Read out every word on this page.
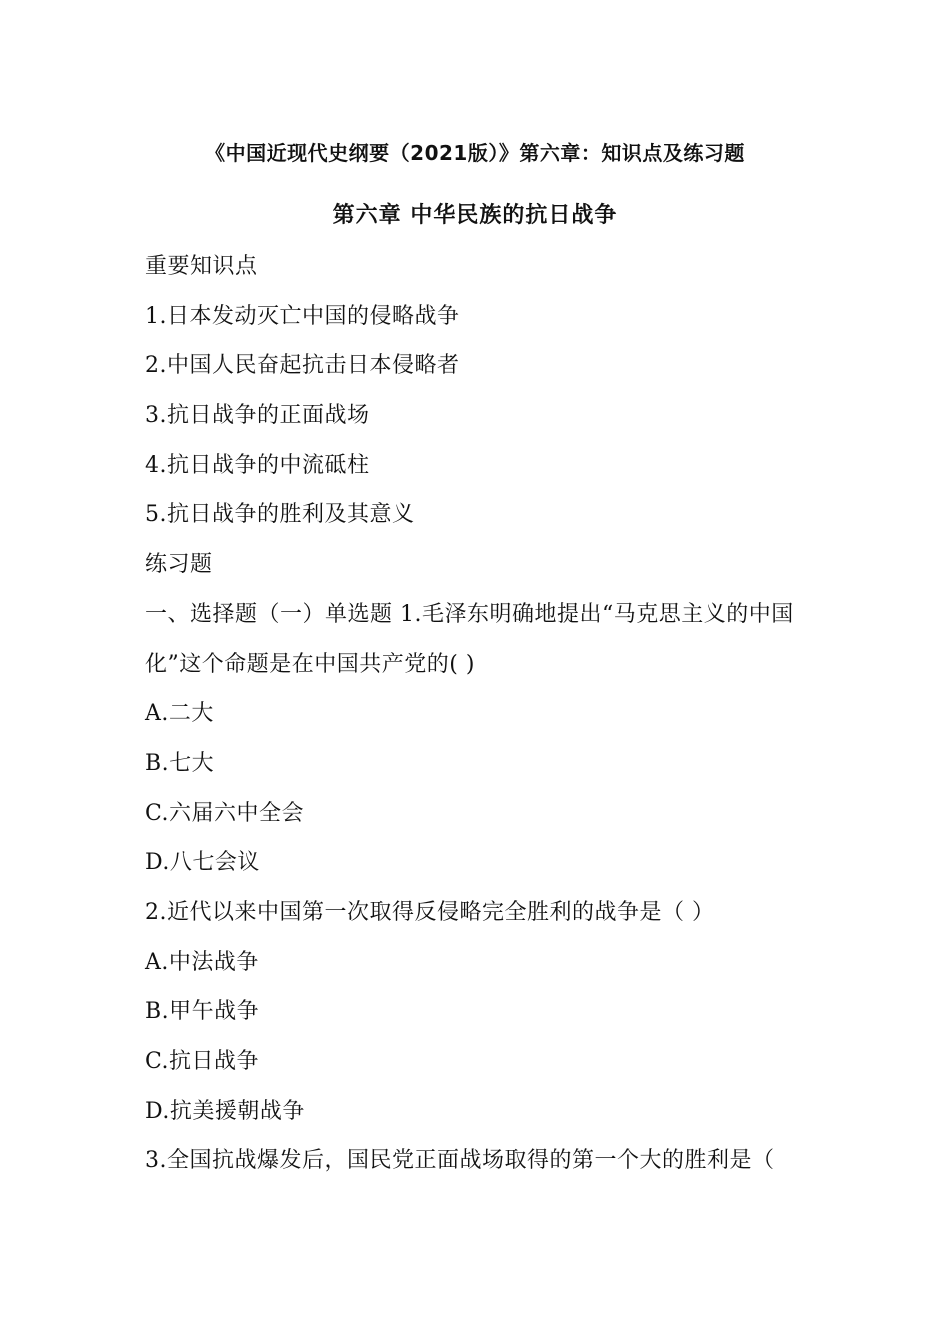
《中国近现代史纲要（2021版）》第六章：知识点及练习题
第六章 中华民族的抗日战争
重要知识点
1.日本发动灭亡中国的侵略战争
2.中国人民奋起抗击日本侵略者
3.抗日战争的正面战场
4.抗日战争的中流砥柱
5.抗日战争的胜利及其意义
练习题
一、选择题（一）单选题 1.毛泽东明确地提出“马克思主义的中国
化”这个命题是在中国共产党的( )
A.二大
B.七大
C.六届六中全会
D.八七会议
2.近代以来中国第一次取得反侵略完全胜利的战争是（ ）
A.中法战争
B.甲午战争
C.抗日战争
D.抗美援朝战争
3.全国抗战爆发后，国民党正面战场取得的第一个大的胜利是（
